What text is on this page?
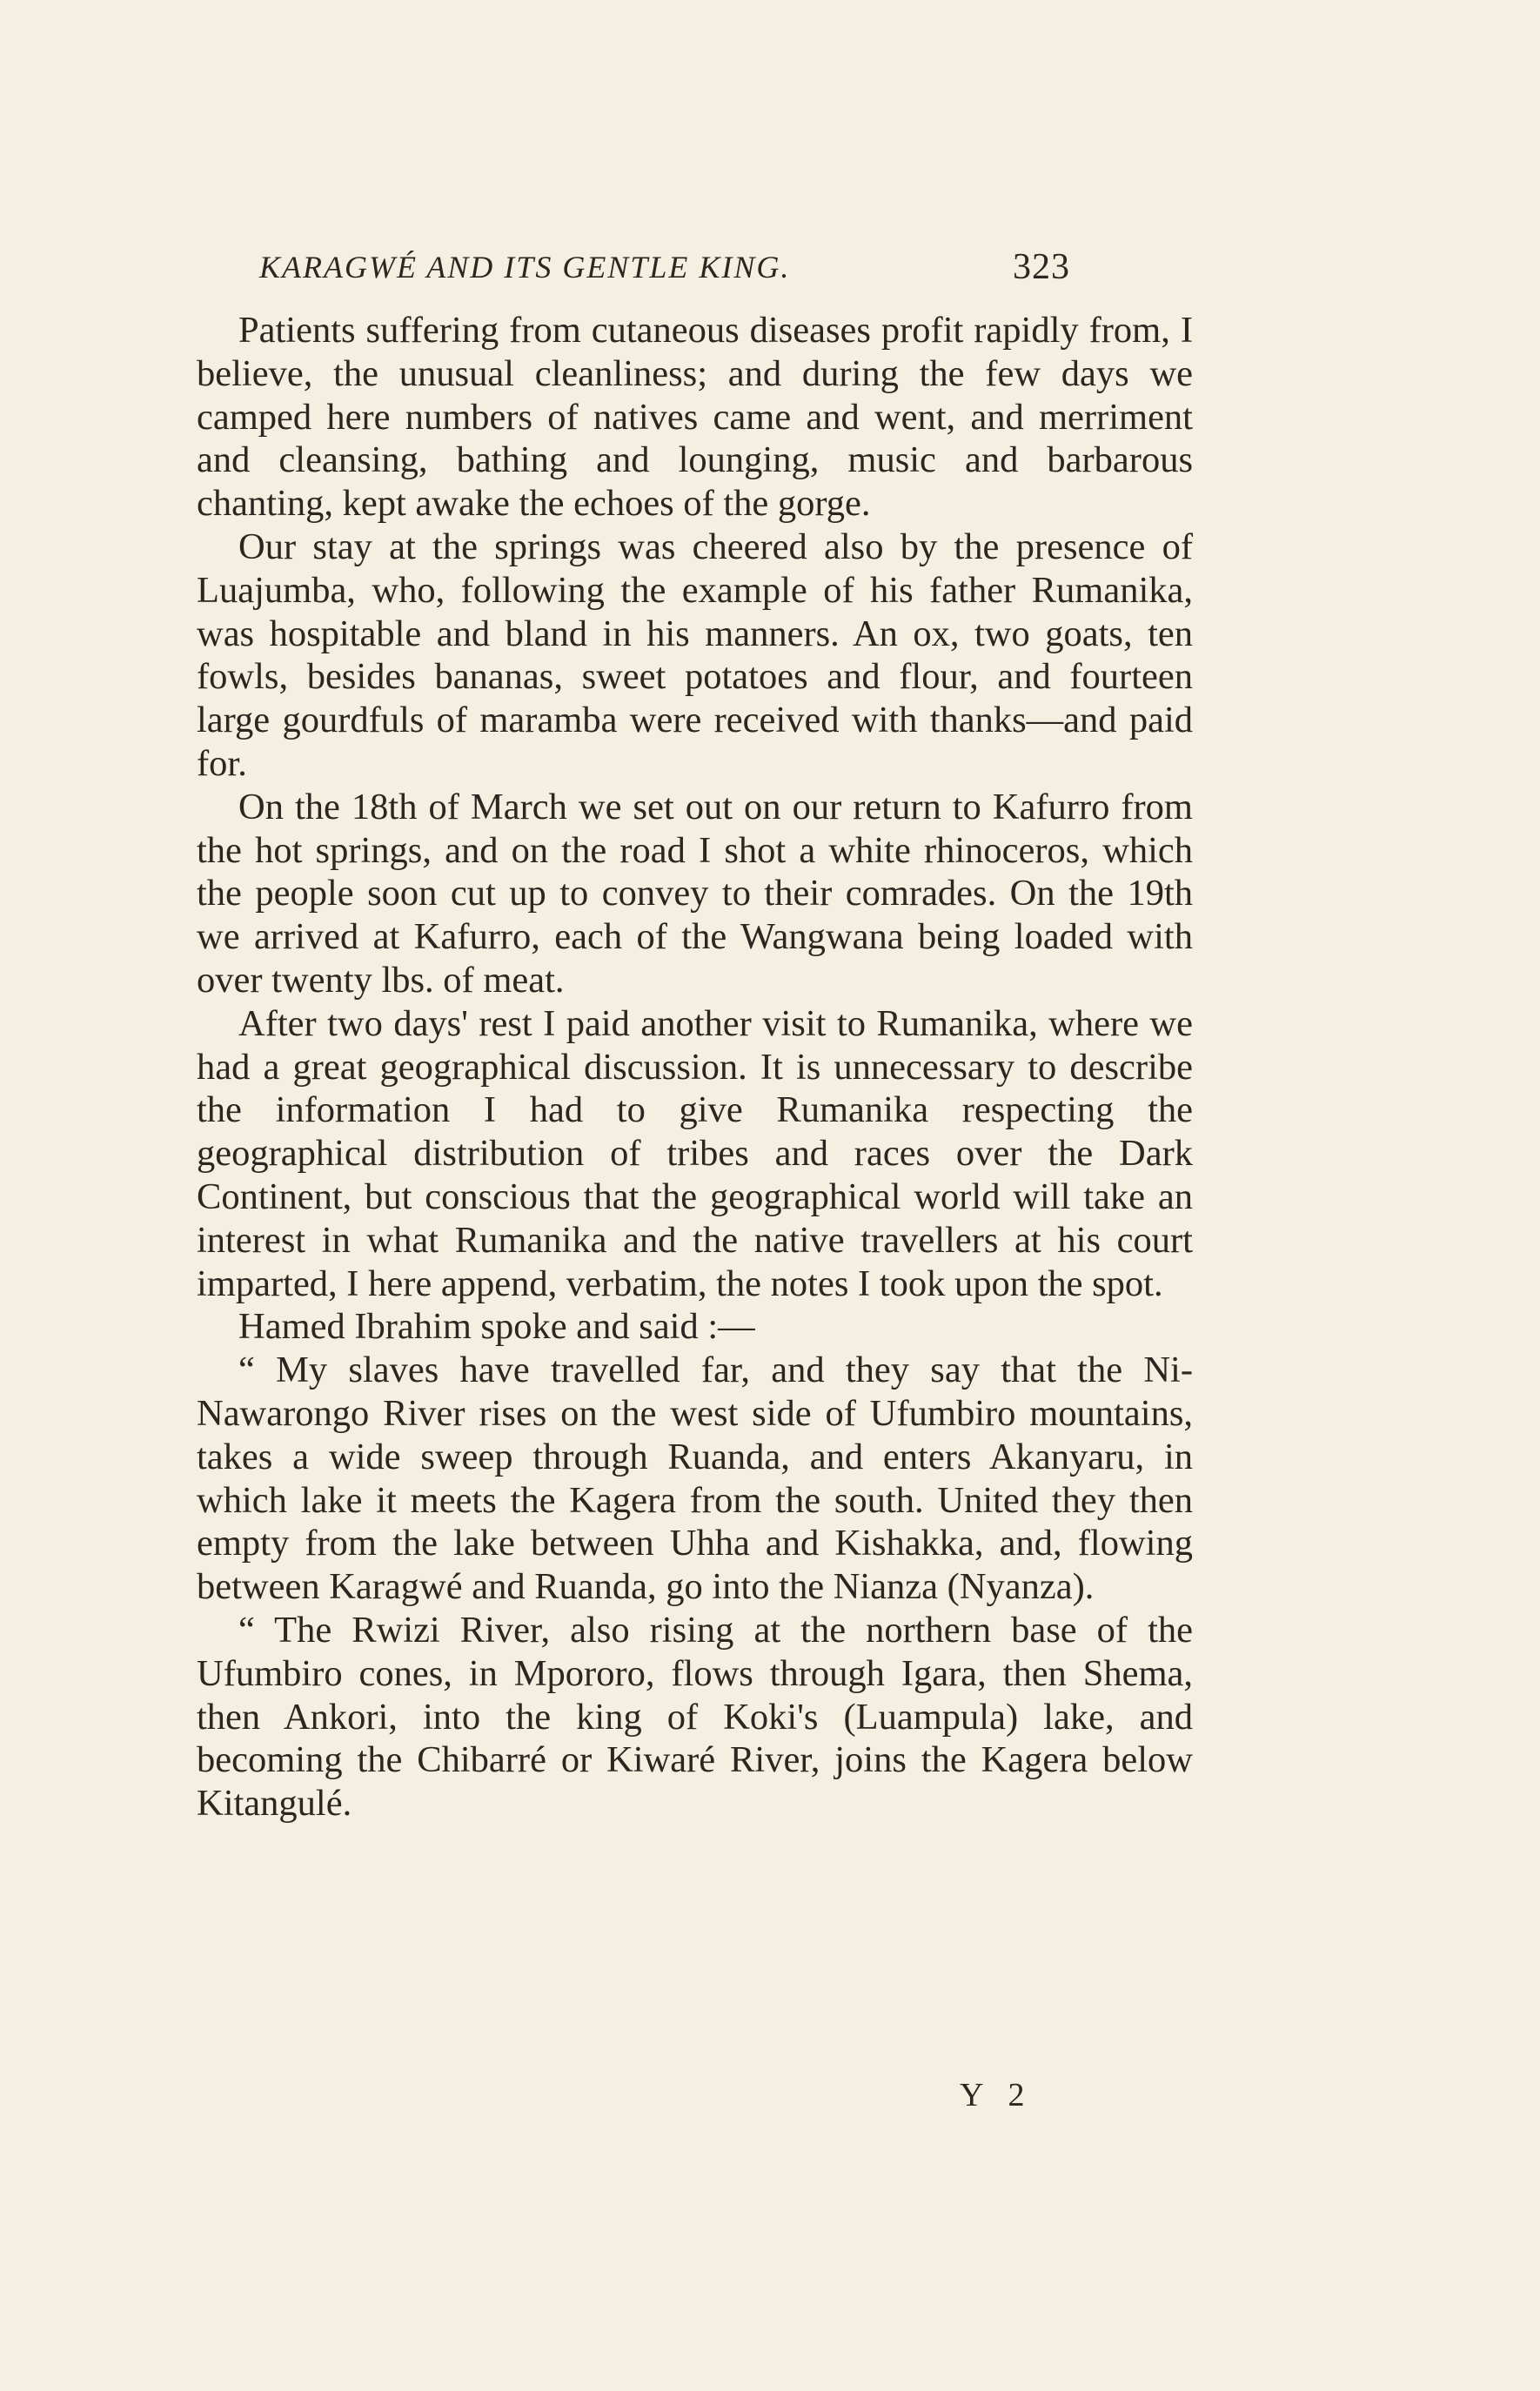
KARAGWÉ AND ITS GENTLE KING.	323

Patients suffering from cutaneous diseases profit rapidly from, I believe, the unusual cleanliness; and during the few days we camped here numbers of natives came and went, and merriment and cleansing, bathing and lounging, music and barbarous chanting, kept awake the echoes of the gorge.

Our stay at the springs was cheered also by the presence of Luajumba, who, following the example of his father Rumanika, was hospitable and bland in his manners. An ox, two goats, ten fowls, besides bananas, sweet potatoes and flour, and fourteen large gourdfuls of maramba were received with thanks—and paid for.

On the 18th of March we set out on our return to Kafurro from the hot springs, and on the road I shot a white rhinoceros, which the people soon cut up to convey to their comrades. On the 19th we arrived at Kafurro, each of the Wangwana being loaded with over twenty lbs. of meat.

After two days' rest I paid another visit to Rumanika, where we had a great geographical discussion. It is unnecessary to describe the information I had to give Rumanika respecting the geographical distribution of tribes and races over the Dark Continent, but conscious that the geographical world will take an interest in what Rumanika and the native travellers at his court imparted, I here append, verbatim, the notes I took upon the spot.

Hamed Ibrahim spoke and said :—

“ My slaves have travelled far, and they say that the Ni-Nawarongo River rises on the west side of Ufumbiro mountains, takes a wide sweep through Ruanda, and enters Akanyaru, in which lake it meets the Kagera from the south. United they then empty from the lake between Uhha and Kishakka, and, flowing between Karagwé and Ruanda, go into the Nianza (Nyanza).

“ The Rwizi River, also rising at the northern base of the Ufumbiro cones, in Mpororo, flows through Igara, then Shema, then Ankori, into the king of Koki's (Luampula) lake, and becoming the Chibarré or Kiwaré River, joins the Kagera below Kitangulé.

Y 2
